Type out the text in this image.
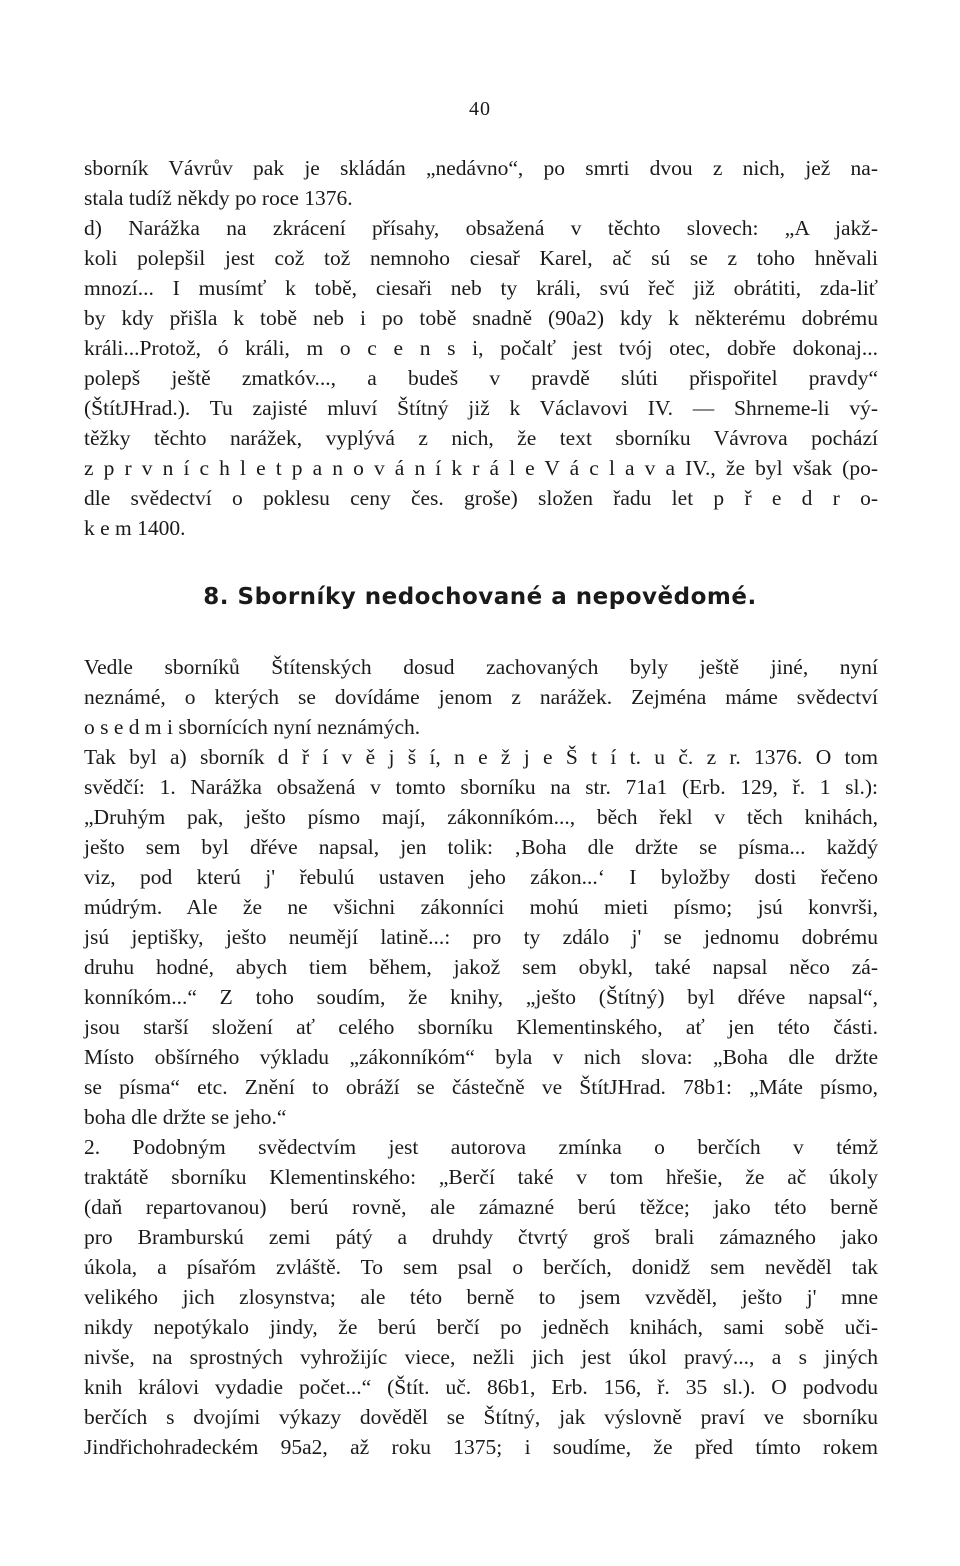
40
sborník Vávrův pak je skládán „nedávno“, po smrti dvou z nich, jež na-
stala tudíž někdy po roce 1376.
d) Narážka na zkrácení přísahy, obsažená v těchto slovech: „A jakž-
koli polepšil jest což tož nemnoho ciesař Karel, ač sú se z toho hněvali
mnozí... I musímť k tobě, ciesaři neb ty králi, svú řeč již obrátiti, zda-liť
by kdy přišla k tobě neb i po tobě snadně (90a2) kdy k některému dobrému
králi...Protož, ó králi, m o c e n s i, počalť jest tvój otec, dobře dokonaj...
polepš ještě zmatkóv..., a budeš v pravdě slúti přispořitel pravdy“
(ŠtítJHrad.). Tu zajisté mluví Štítný již k Václavovi IV. — Shrneme-li vý-
těžky těchto narážek, vyplývá z nich, že text sborníku Vávrova pochází
z p r v n í c h l e t p a n o v á n í k r á l e V á c l a v a IV., že byl však (po-
dle svědectví o poklesu ceny čes. groše) složen řadu let p ř e d r o-
k e m 1400.
8. Sborníky nedochované a nepovědomé.
Vedle sborníků Štítenských dosud zachovaných byly ještě jiné, nyní
neznámé, o kterých se dovídáme jenom z narážek. Zejména máme svědectví
o s e d m i sbornících nyní neznámých.
Tak byl a) sborník d ř í v ě j š í, n e ž j e Š t í t. u č. z r. 1376. O tom
svědčí: 1. Narážka obsažená v tomto sborníku na str. 71a1 (Erb. 129, ř. 1 sl.):
„Druhým pak, ješto písmo mají, zákonníkóm..., běch řekl v těch knihách,
ješto sem byl dřéve napsal, jen tolik: ‚Boha dle držte se písma... každý
viz, pod kterú j' řebulú ustaven jeho zákon...‘ I byložby dosti řečeno
múdrým. Ale že ne všichni zákonníci mohú mieti písmo; jsú konvrši,
jsú jeptišky, ješto neumějí latině...: pro ty zdálo j' se jednomu dobrému
druhu hodné, abych tiem během, jakož sem obykl, také napsal něco zá-
konníkóm...“ Z toho soudím, že knihy, „ješto (Štítný) byl dřéve napsal“,
jsou starší složení ať celého sborníku Klementinského, ať jen této části.
Místo obšírného výkladu „zákonníkóm“ byla v nich slova: „Boha dle držte
se písma“ etc. Znění to obráží se částečně ve ŠtítJHrad. 78b1: „Máte písmo,
boha dle držte se jeho.“
2. Podobným svědectvím jest autorova zmínka o berčích v témž
traktátě sborníku Klementinského: „Berčí také v tom hřešie, že ač úkoly
(daň repartovanou) berú rovně, ale zámazné berú těžce; jako této berně
pro Bramburskú zemi pátý a druhdy čtvrtý groš brali zámazného jako
úkola, a písařóm zvláště. To sem psal o berčích, donidž sem nevěděl tak
velikého jich zlosynstva; ale této berně to jsem vzvěděl, ješto j' mne
nikdy nepotýkalo jindy, že berú berčí po jedněch knihách, sami sobě uči-
nivše, na sprostných vyhrožijíc viece, nežli jich jest úkol pravý..., a s jiných
knih královi vydadie počet...“ (Štít. uč. 86b1, Erb. 156, ř. 35 sl.). O podvodu
berčích s dvojími výkazy dověděl se Štítný, jak výslovně praví ve sborníku
Jindřichohradeckém 95a2, až roku 1375; i soudíme, že před tímto rokem
